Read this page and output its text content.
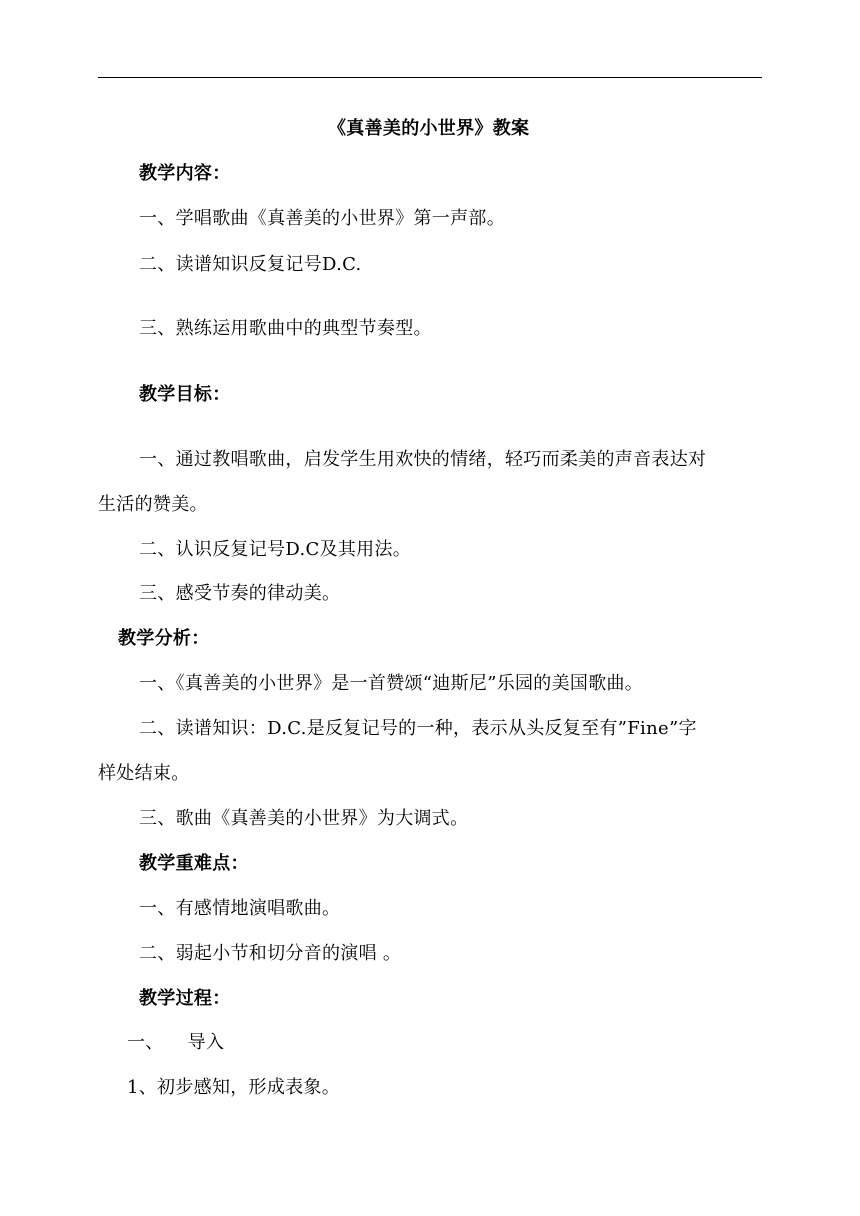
《真善美的小世界》教案
教学内容：
一、学唱歌曲《真善美的小世界》第一声部。
二、读谱知识反复记号D.C.
三、熟练运用歌曲中的典型节奏型。
教学目标：
一、通过教唱歌曲，启发学生用欢快的情绪，轻巧而柔美的声音表达对
生活的赞美。
二、认识反复记号D.C及其用法。
三、感受节奏的律动美。
教学分析：
一、《真善美的小世界》是一首赞颂“迪斯尼”乐园的美国歌曲。
二、读谱知识：D.C.是反复记号的一种，表示从头反复至有”Fine”字
样处结束。
三、歌曲《真善美的小世界》为大调式。
教学重难点：
一、有感情地演唱歌曲。
二、弱起小节和切分音的演唱 。
教学过程：
一、    导入
1、初步感知，形成表象。
